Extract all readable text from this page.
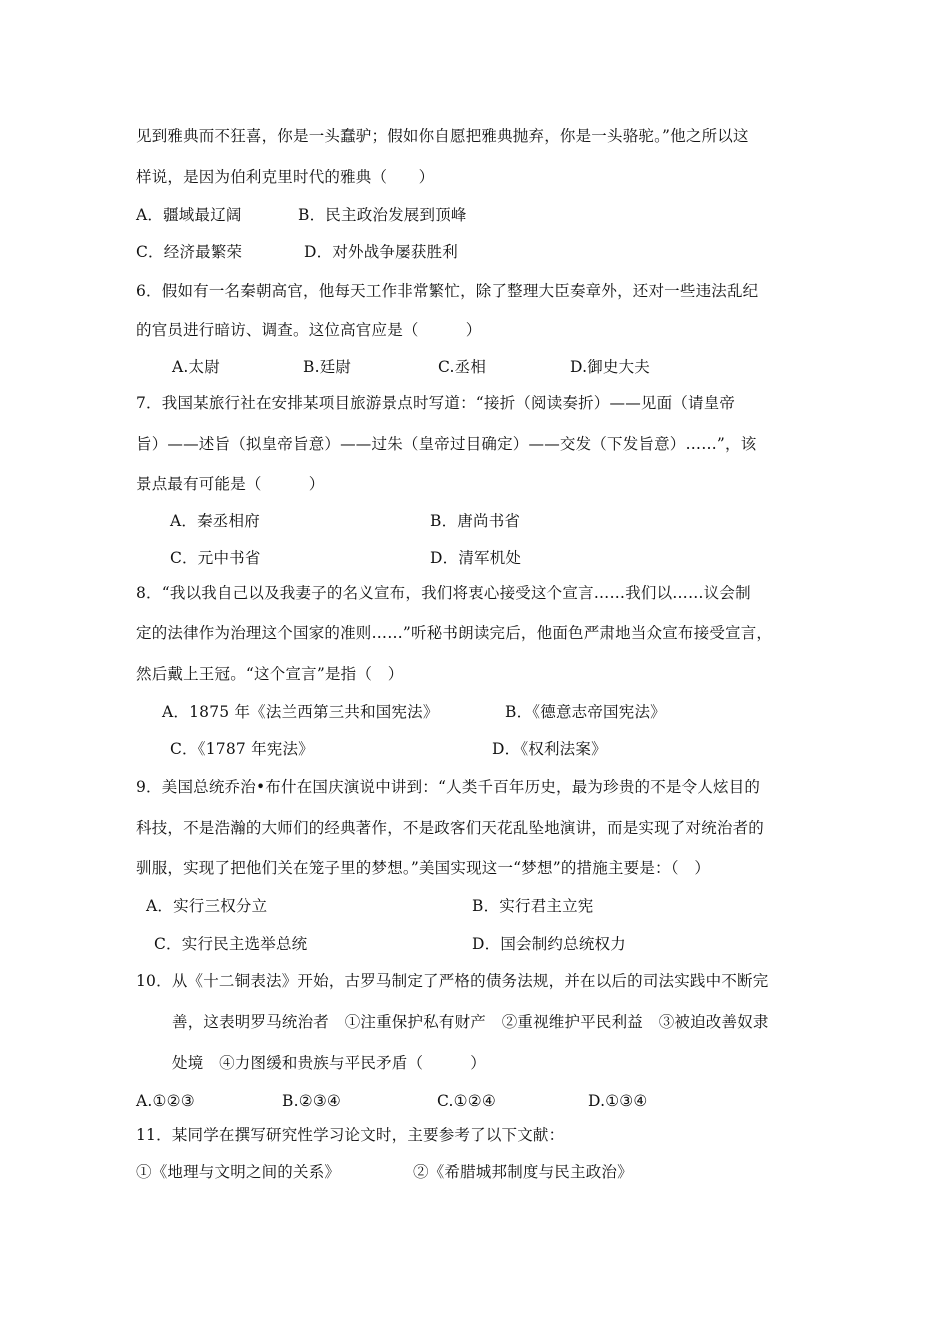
见到雅典而不狂喜，你是一头蠢驴；假如你自愿把雅典抛弃，你是一头骆驼。”他之所以这
样说，是因为伯利克里时代的雅典（　　）
A．疆域最辽阔	B．民主政治发展到顶峰
C．经济最繁荣	D．对外战争屡获胜利
6．假如有一名秦朝高官，他每天工作非常繁忙，除了整理大臣奏章外，还对一些违法乱纪
的官员进行暗访、调查。这位高官应是（　　　）
A.太尉	B.廷尉	C.丞相	D.御史大夫
7．我国某旅行社在安排某项目旅游景点时写道：“接折（阅读奏折）——见面（请皇帝
旨）——述旨（拟皇帝旨意）——过朱（皇帝过目确定）——交发（下发旨意）……”，该
景点最有可能是（　　　）
A．秦丞相府	B．唐尚书省
C．元中书省	D．清军机处
8．“我以我自己以及我妻子的名义宣布，我们将衷心接受这个宣言……我们以……议会制
定的法律作为治理这个国家的准则……”听秘书朗读完后，他面色严肃地当众宣布接受宣言，
然后戴上王冠。“这个宣言”是指（　）
A．1875 年《法兰西第三共和国宪法》	B．《德意志帝国宪法》
C．《1787 年宪法》	D．《权利法案》
9．美国总统乔治•布什在国庆演说中讲到：“人类千百年历史，最为珍贵的不是令人炫目的
科技，不是浩瀚的大师们的经典著作，不是政客们天花乱坠地演讲，而是实现了对统治者的
驯服，实现了把他们关在笼子里的梦想。”美国实现这一“梦想”的措施主要是：（　）
A．实行三权分立	B．实行君主立宪
C．实行民主选举总统	D．国会制约总统权力
10．从《十二铜表法》开始，古罗马制定了严格的债务法规，并在以后的司法实践中不断完
善，这表明罗马统治者　①注重保护私有财产　②重视维护平民利益　③被迫改善奴隶
处境　④力图缓和贵族与平民矛盾（　　　）
A.①②③	B.②③④	C.①②④	D.①③④
11．某同学在撰写研究性学习论文时，主要参考了以下文献：
①《地理与文明之间的关系》	②《希腊城邦制度与民主政治》
